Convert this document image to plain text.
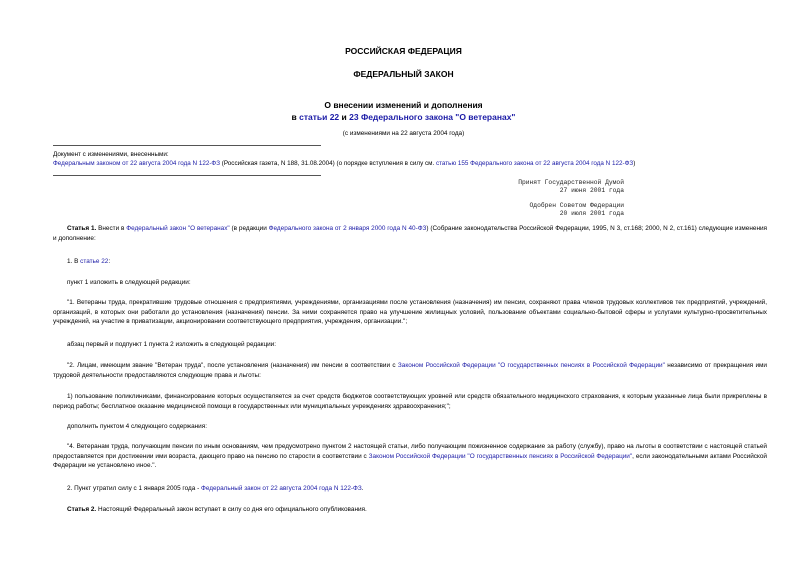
РОССИЙСКАЯ ФЕДЕРАЦИЯ
ФЕДЕРАЛЬНЫЙ ЗАКОН
О внесении изменений и дополнения
в статьи 22 и 23 Федерального закона "О ветеранах"
(с изменениями на 22 августа 2004 года)
Документ с изменениями, внесенными:
Федеральным законом от 22 августа 2004 года N 122-ФЗ (Российская газета, N 188, 31.08.2004) (о порядке вступления в силу см. статью 155 Федерального закона от 22 августа 2004 года N 122-ФЗ)
Принят Государственной Думой
27 июня 2001 года
Одобрен Советом Федерации
20 июля 2001 года
Статья 1. Внести в Федеральный закон "О ветеранах" (в редакции Федерального закона от 2 января 2000 года N 40-ФЗ) (Собрание законодательства Российской Федерации, 1995, N 3, ст.168; 2000, N 2, ст.161) следующие изменения и дополнение:
1. В статье 22:
пункт 1 изложить в следующей редакции:
"1. Ветераны труда, прекратившие трудовые отношения с предприятиями, учреждениями, организациями после установления (назначения) им пенсии, сохраняют права членов трудовых коллективов тех предприятий, учреждений, организаций, в которых они работали до установления (назначения) пенсии. За ними сохраняется право на улучшение жилищных условий, пользование объектами социально-бытовой сферы и услугами культурно-просветительных учреждений, на участие в приватизации, акционировании соответствующего предприятия, учреждения, организации.";
абзац первый и подпункт 1 пункта 2 изложить в следующей редакции:
"2. Лицам, имеющим звание "Ветеран труда", после установления (назначения) им пенсии в соответствии с Законом Российской Федерации "О государственных пенсиях в Российской Федерации" независимо от прекращения ими трудовой деятельности предоставляются следующие права и льготы:
1) пользование поликлиниками, финансирование которых осуществляется за счет средств бюджетов соответствующих уровней или средств обязательного медицинского страхования, к которым указанные лица были прикреплены в период работы; бесплатное оказание медицинской помощи в государственных или муниципальных учреждениях здравоохранения;";
дополнить пунктом 4 следующего содержания:
"4. Ветеранам труда, получающим пенсии по иным основаниям, чем предусмотрено пунктом 2 настоящей статьи, либо получающим пожизненное содержание за работу (службу), право на льготы в соответствии с настоящей статьей предоставляется при достижении ими возраста, дающего право на пенсию по старости в соответствии с Законом Российской Федерации "О государственных пенсиях в Российской Федерации", если законодательными актами Российской Федерации не установлено иное.".
2. Пункт утратил силу с 1 января 2005 года - Федеральный закон от 22 августа 2004 года N 122-ФЗ.
Статья 2. Настоящий Федеральный закон вступает в силу со дня его официального опубликования.
